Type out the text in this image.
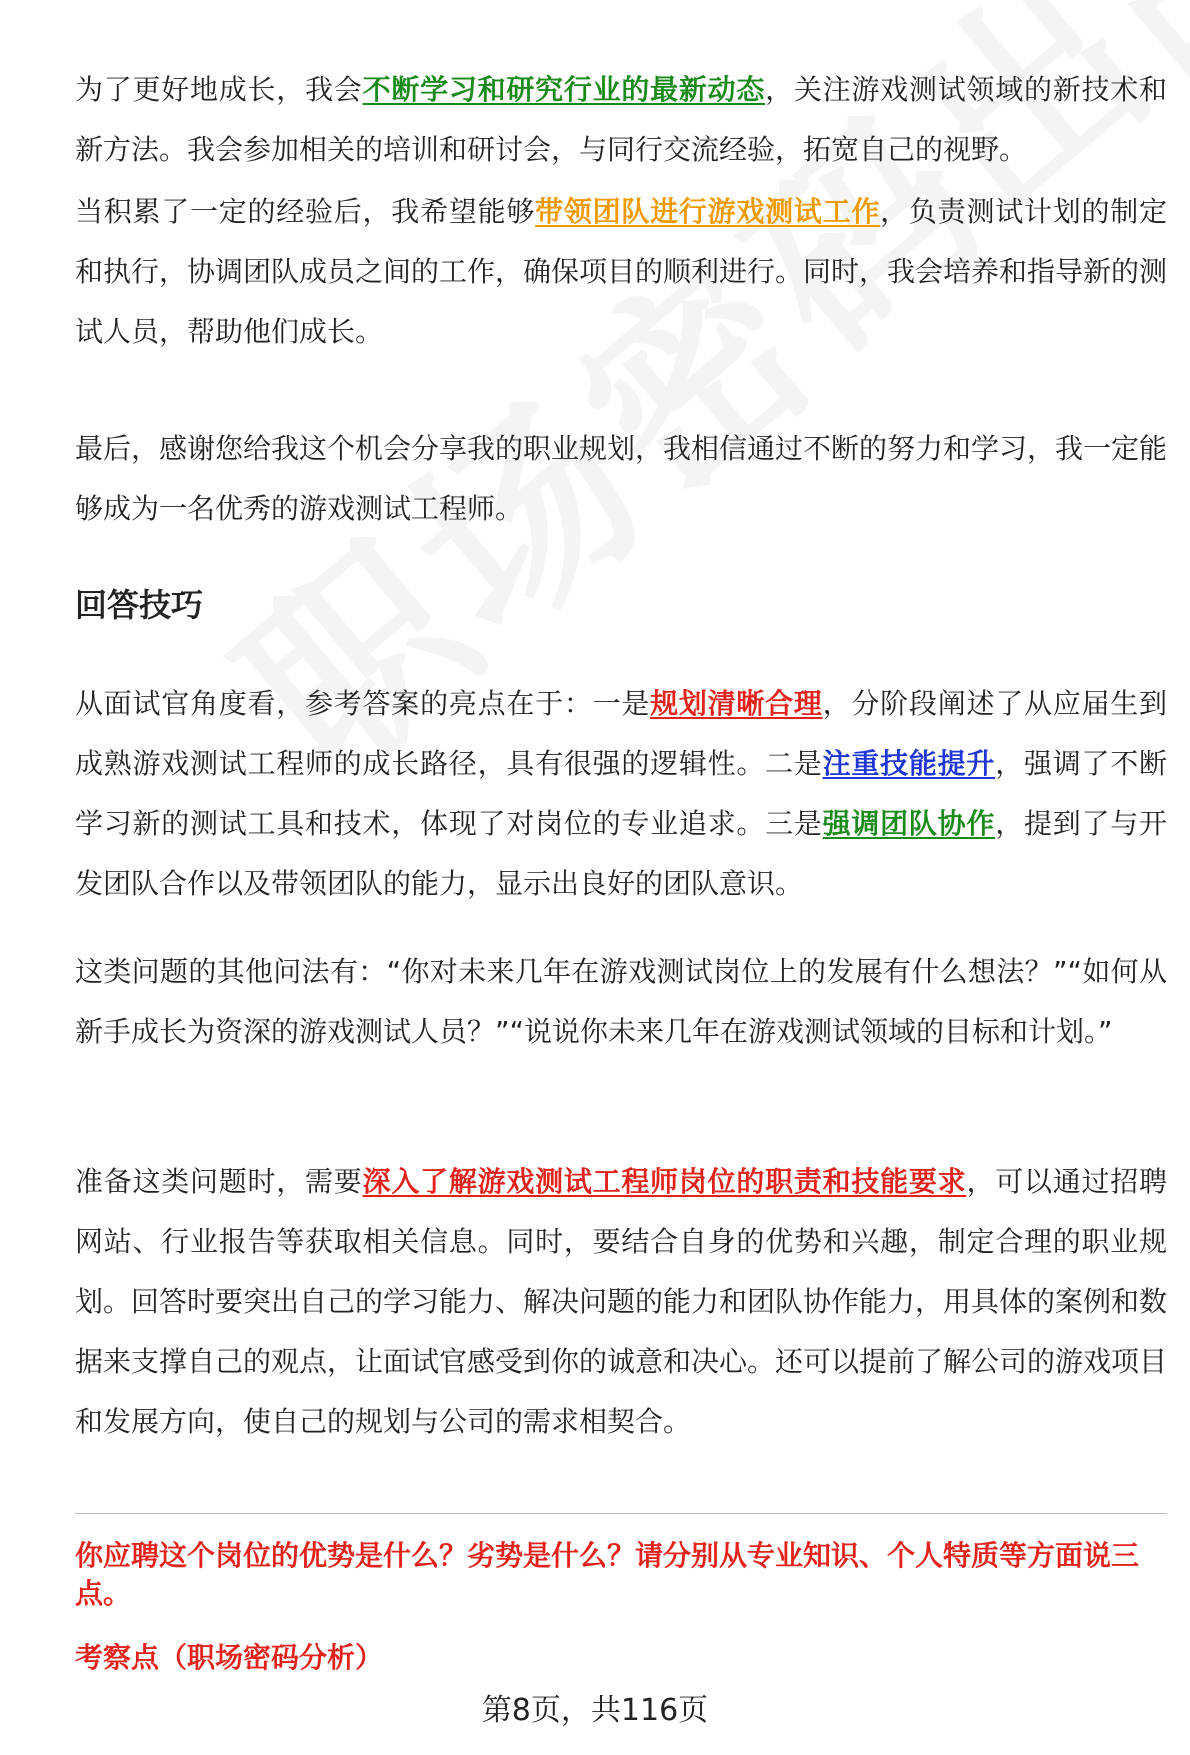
为了更好地成长，我会不断学习和研究行业的最新动态，关注游戏测试领域的新技术和新方法。我会参加相关的培训和研讨会，与同行交流经验，拓宽自己的视野。

当积累了一定的经验后，我希望能够带领团队进行游戏测试工作，负责测试计划的制定和执行，协调团队成员之间的工作，确保项目的顺利进行。同时，我会培养和指导新的测试人员，帮助他们成长。

最后，感谢您给我这个机会分享我的职业规划，我相信通过不断的努力和学习，我一定能够成为一名优秀的游戏测试工程师。

回答技巧

从面试官角度看，参考答案的亮点在于：一是规划清晰合理，分阶段阐述了从应届生到成熟游戏测试工程师的成长路径，具有很强的逻辑性。二是注重技能提升，强调了不断学习新的测试工具和技术，体现了对岗位的专业追求。三是强调团队协作，提到了与开发团队合作以及带领团队的能力，显示出良好的团队意识。

这类问题的其他问法有：“你对未来几年在游戏测试岗位上的发展有什么想法？”“如何从新手成长为资深的游戏测试人员？”“说说你未来几年在游戏测试领域的目标和计划。”

准备这类问题时，需要深入了解游戏测试工程师岗位的职责和技能要求，可以通过招聘网站、行业报告等获取相关信息。同时，要结合自身的优势和兴趣，制定合理的职业规划。回答时要突出自己的学习能力、解决问题的能力和团队协作能力，用具体的案例和数据来支撑自己的观点，让面试官感受到你的诚意和决心。还可以提前了解公司的游戏项目和发展方向，使自己的规划与公司的需求相契合。

你应聘这个岗位的优势是什么？劣势是什么？请分别从专业知识、个人特质等方面说三点。

考察点（职场密码分析）

第8页，共116页
